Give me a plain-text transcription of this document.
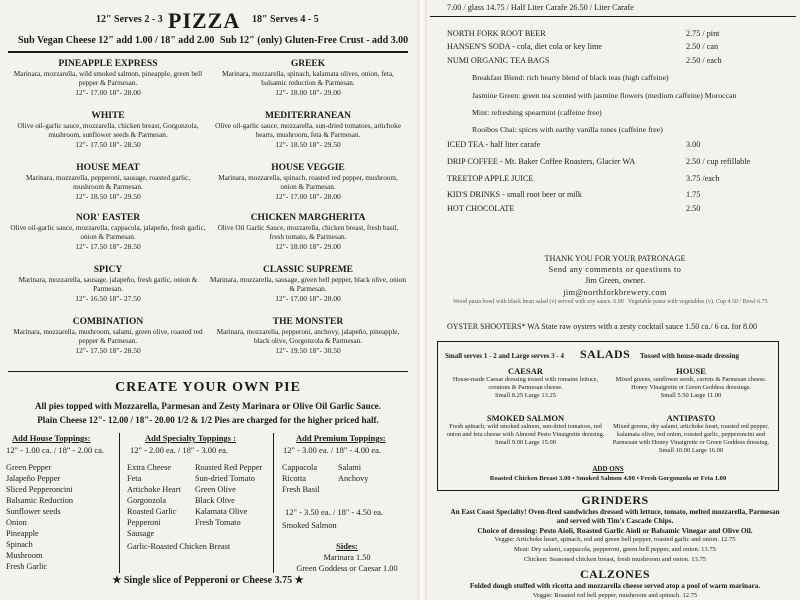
12" Serves 2 - 3 PIZZA 18" Serves 4 - 5
Sub Vegan Cheese 12" add 1.00 / 18" add 2.00 Sub 12" (only) Gluten-Free Crust - add 3.00
PINEAPPLE EXPRESS
Marinara, mozzarella, wild smoked salmon, pineapple, green bell pepper & Parmesan.
12"- 17.00 18"- 28.00
GREEK
Marinara, mozzarella, spinach, kalamata olives, onion, feta, balsamic reduction & Parmesan.
12"- 18.00 18"- 29.00
WHITE
Olive oil-garlic sauce, mozzarella, chicken breast, Gorgonzola, mushroom, sunflower seeds & Parmesan.
12"- 17.50 18"- 28.50
MEDITERRANEAN
Olive oil-garlic sauce, mozzarella, sun-dried tomatoes, artichoke hearts, mushroom, feta & Parmesan.
12"- 18.50 18"- 29.50
HOUSE MEAT
Marinara, mozzarella, pepperoni, sausage, roasted garlic, mushroom & Parmesan.
12"- 18.50 18"- 29.50
HOUSE VEGGIE
Marinara, mozzarella, spinach, roasted red pepper, mushroom, onion & Parmesan.
12"- 17.00 18"- 28.00
NOR' EASTER
Olive oil-garlic sauce, mozzarella, cappacola, jalapeño, fresh garlic, onion & Parmesan.
12"- 17.50 18"- 28.50
CHICKEN MARGHERITA
Olive Oil Garlic Sauce, mozzarella, chicken breast, fresh basil, fresh tomato, & Parmesan.
12"- 18.00 18"- 29.00
SPICY
Marinara, mozzarella, sausage, jalapeño, fresh garlic, onion & Parmesan.
12"- 16.50 18"- 27.50
CLASSIC SUPREME
Marinara, mozzarella, sausage, green bell pepper, black olive, onion & Parmesan.
12"- 17.00 18"- 28.00
COMBINATION
Marinara, mozzarella, mushroom, salami, green olive, roasted red pepper & Parmesan.
12"- 17.50 18"- 28.50
THE MONSTER
Marinara, mozzarella, pepperoni, anchovy, jalapeño, pineapple, black olive, Gorgonzola & Parmesan.
12"- 19.50 18"- 30.50
CREATE YOUR OWN PIE
All pies topped with Mozzarella, Parmesan and Zesty Marinara or Olive Oil Garlic Sauce.
Plain Cheese 12"- 12.00 / 18"- 20.00 1/2 & 1/2 Pies are charged for the higher priced half.
Add House Toppings:
12" - 1.00 ca. / 18" - 2.00 ca.
Green Pepper
Jalapeño Pepper
Sliced Pepperoncini
Balsamic Reduction
Sunflower seeds
Onion
Pineapple
Spinach
Mushroom
Fresh Garlic
Add Specialty Toppings :
12" - 2.00 ea. / 18" - 3.00 ea.
Extra Cheese
Feta
Artichoke Heart
Gorgonzola
Roasted Garlic
Pepperoni
Sausage
Roasted Red Pepper
Sun-dried Tomato
Green Olive
Black Olive
Kalamata Olive
Fresh Tomato
Garlic-Roasted Chicken Breast
Add Premium Toppings:
12" - 3.00 ea. / 18" - 4.00 ea.
Cappacola
Ricotta
Fresh Basil
Salami
Anchovy
12" - 3.50 ea. / 18" - 4.50 ea.
Smoked Salmon
Sides:
Marinara 1.50
Green Goddess or Caesar 1.00
★ Single slice of Pepperoni or Cheese 3.75 ★
7.00 / glass 14.75 / Half Liter Carafe 26.50 / Liter Carafe
NORTH FORK ROOT BEER	2.75 / pint
HANSEN'S SODA - cola, diet cola or key lime	2.50 / can
NUMI ORGANIC TEA BAGS	2.50 / each
Breakfast Blend: rich hearty blend of black teas (high caffeine)
Jasmine Green: green tea scented with jasmine flowers (medium caffeine) Moroccan
Mint: refreshing spearmint (caffeine free)
Rooibos Chai: spices with earthy vanilla tones (caffeine free)
ICED TEA - half liter carafe	3.00
DRIP COFFEE - Mt. Baker Coffee Roasters, Glacier WA	2.50 / cup refillable
TREETOP APPLE JUICE	3.75 /each
KID'S DRINKS - small root beer or milk	1.75
HOT CHOCOLATE	2.50
THANK YOU FOR YOUR PATRONAGE
Send any comments or questions to
Jim Green, owner.
jim@northforkbrewery.com
Wood pasta bowl with black bean salad (v) served with soy sauce. 6.00 Vegetable pasta with vegetables (v). Cup 4.50 / Bowl 6.75
OYSTER SHOOTERS* WA State raw oysters with a zesty cocktail sauce 1.50 ca./ 6 ca. for 8.00
Small serves 1 - 2 and Large serves 3 - 4 SALADS Tossed with house-made dressing
CAESAR
House-made Caesar dressing tossed with romaine lettuce, croutons & Parmesan cheese.
Small 8.25 Large 13.25
HOUSE
Mixed greens, sunflower seeds, carrots & Parmesan cheese. Honey Vinaigrette or Green Goddess dressings.
Small 5.50 Large 11.00
SMOKED SALMON
Fresh spinach, wild smoked salmon, sun-dried tomatoes, red onion and feta cheese with Almond Pesto Vinaigrette dressing.
Small 9.00 Large 15.00
ANTIPASTO
Mixed greens, dry salami, artichoke heart, roasted red pepper, kalamata olive, red onion, roasted garlic, pepperoncini and Parmesan with Honey Vinaigrette or Green Goddess dressing.
Small 10.00 Large 16.00
ADD ONS
Roasted Chicken Breast 3.00 • Smoked Salmon 4.00 • Fresh Gorgonzola or Feta 1.00
GRINDERS
An East Coast Specialty! Oven-fired sandwiches dressed with lettuce, tomato, melted mozzarella, Parmesan
and served with Tim's Cascade Chips.
Choice of dressing: Pesto Aioli, Roasted Garlic Aioli or Balsamic Vinegar and Olive Oil.
Veggie: Artichoke heart, spinach, red and green bell pepper, roasted garlic and onion. 12.75
Meat: Dry salami, cappacola, pepperoni, green bell pepper, and onion. 13.75
Chicken: Seasoned chicken breast, fresh mushroom and onion. 13.75
CALZONES
Folded dough stuffed with ricotta and mozzarella cheese served atop a pool of warm marinara.
Veggie: Roasted red bell pepper, mushroom and spinach. 12.75
